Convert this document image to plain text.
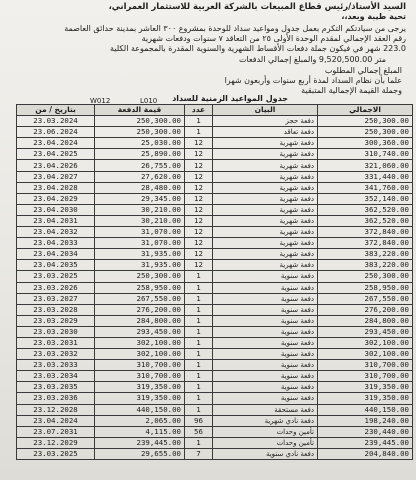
السيد الأستاذ/رئيس قطاع المبيعات بالشركة العربية للاستثمار العمراني،
تحية طيبة وبعد،،
يرجى من سيادتكم التكرم بعمل جدول ومواعيد سداد للوحدة بمشروع ٣٠٠ العاشر بمدينة حدائق العاصمة
رقم العقد الإجمالي لمقدم الوحدة الأولى ٢٥ من التعاقد ٧ سنوات ودفعات شهرية
223.0 شهر في فيكون جملة دفعات الأقساط الشهرية والسنوية المقدرة بالمجموعة الكلية
متر 9,520,500.00 والمبلغ إجمالي الدفعات
المبلغ إجمالي المطلوب
علما بأن نظام السداد لمدة أربع سنوات وأربعون شهرا
وجملة القيمة الإجمالية المتبقية
جدول المواعيد الزمنية للسداد
W012	L010
بتاريخ / من	قيمة الدفعة	عدد	البيان	الاجمالي
23.03.2024	250,300.00	1	دفعة حجز	250,300.00
23.06.2024	250,300.00	1	دفعة تعاقد	250,300.00
23.04.2024	25,030.00	12	دفعة شهرية	300,360.00
23.04.2025	25,890.00	12	دفعة شهرية	310,740.00
23.04.2026	26,755.00	12	دفعة شهرية	321,060.00
23.04.2027	27,620.00	12	دفعة شهرية	331,440.00
23.04.2028	28,480.00	12	دفعة شهرية	341,760.00
23.04.2029	29,345.00	12	دفعة شهرية	352,140.00
23.04.2030	30,210.00	12	دفعة شهرية	362,520.00
23.04.2031	30,210.00	12	دفعة شهرية	362,520.00
23.04.2032	31,070.00	12	دفعة شهرية	372,840.00
23.04.2033	31,070.00	12	دفعة شهرية	372,840.00
23.04.2034	31,935.00	12	دفعة شهرية	383,220.00
23.04.2035	31,935.00	12	دفعة شهرية	383,220.00
23.03.2025	250,300.00	1	دفعة سنوية	250,300.00
23.03.2026	258,950.00	1	دفعة سنوية	258,950.00
23.03.2027	267,550.00	1	دفعة سنوية	267,550.00
23.03.2028	276,200.00	1	دفعة سنوية	276,200.00
23.03.2029	284,800.00	1	دفعة سنوية	284,800.00
23.03.2030	293,450.00	1	دفعة سنوية	293,450.00
23.03.2031	302,100.00	1	دفعة سنوية	302,100.00
23.03.2032	302,100.00	1	دفعة سنوية	302,100.00
23.03.2033	310,700.00	1	دفعة سنوية	310,700.00
23.03.2034	310,700.00	1	دفعة سنوية	310,700.00
23.03.2035	319,350.00	1	دفعة سنوية	319,350.00
23.03.2036	319,350.00	1	دفعة سنوية	319,350.00
23.12.2028	440,150.00	1	دفعة مستحقة	440,150.00
23.04.2024	2,065.00	96	دفعة نادي شهرية	198,240.00
23.07.2031	4,115.00	56	تأمين وحدات	230,440.00
23.12.2029	239,445.00	1	تأمين وحدات	239,445.00
23.03.2025	29,655.00	7	دفعة نادي سنوية	204,840.00
